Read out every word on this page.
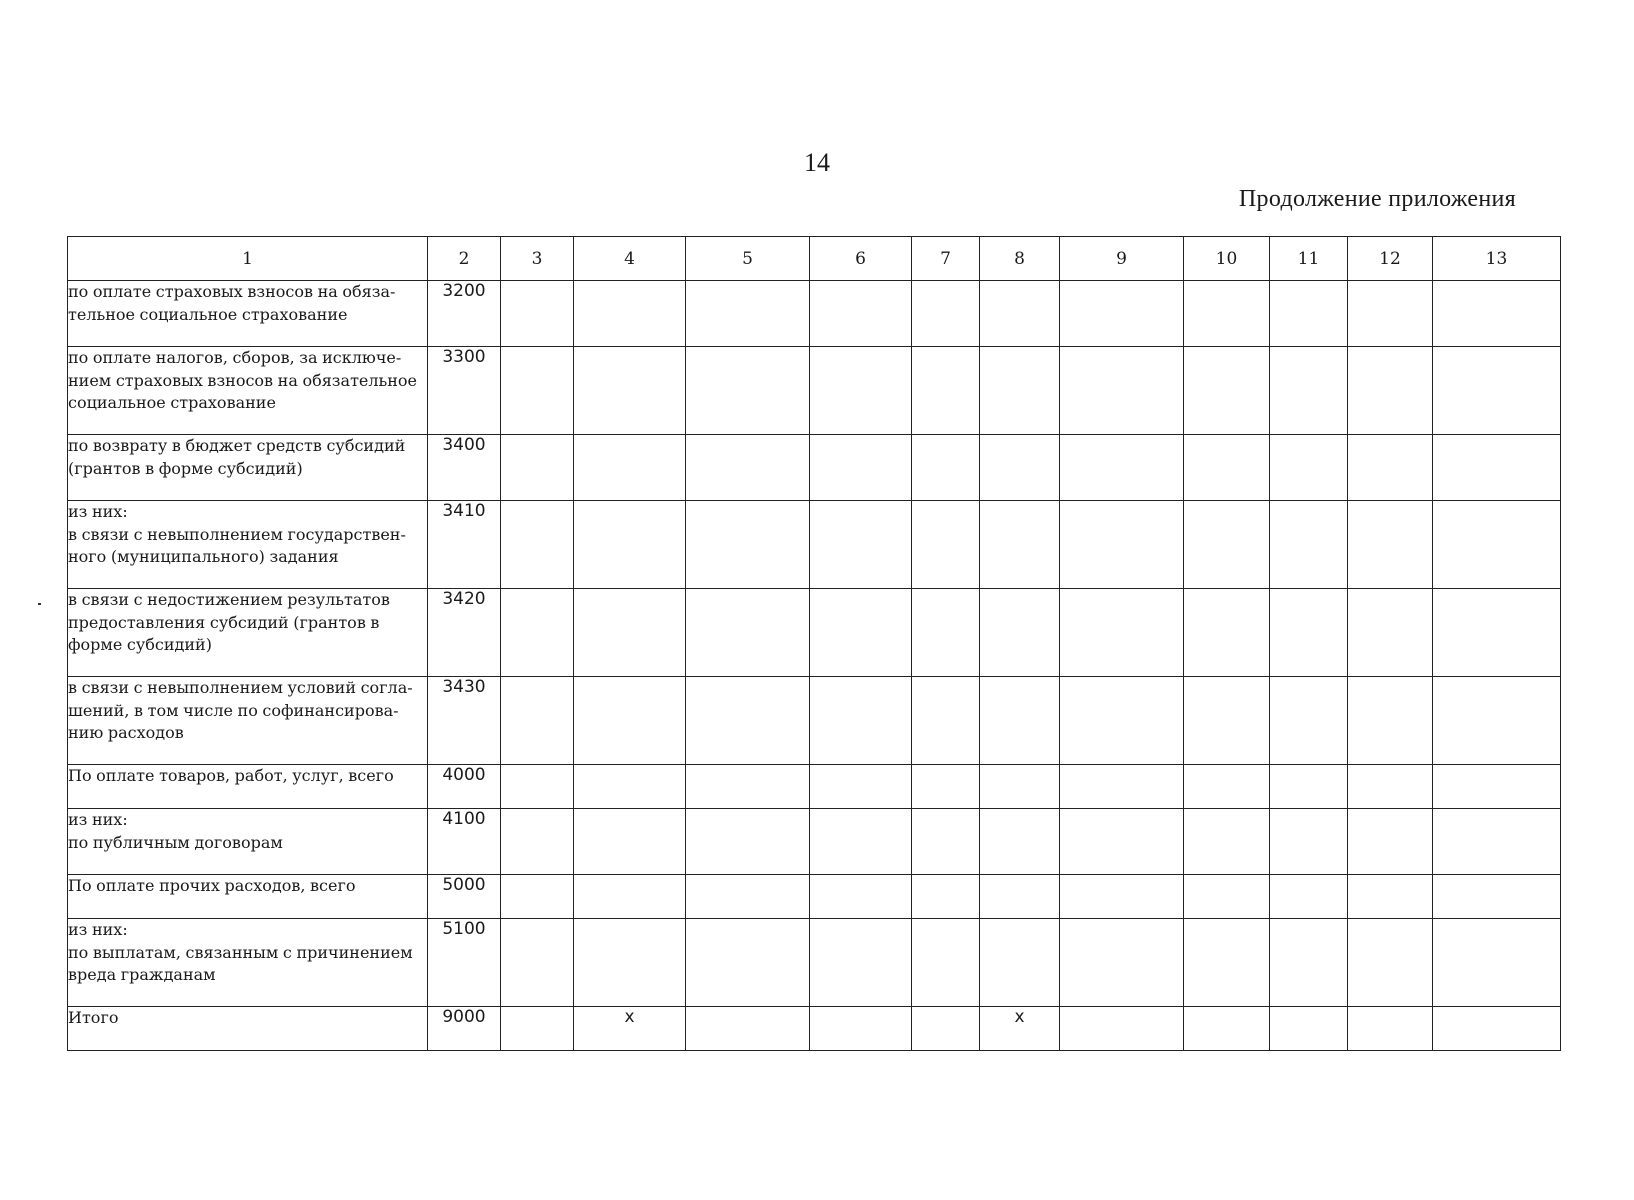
14
Продолжение приложения
1	2	3	4	5	6	7	8	9	10	11	12	13

по оплате страховых взносов на обяза-
тельное социальное страхование	3200											

по оплате налогов, сборов, за исключе-
нием страховых взносов на обязательное
социальное страхование	3300											

по возврату в бюджет средств субсидий
(грантов в форме субсидий)	3400											

из них:
в связи с невыполнением государствен-
ного (муниципального) задания	3410											

в связи с недостижением результатов
предоставления субсидий (грантов в
форме субсидий)	3420											

в связи с невыполнением условий согла-
шений, в том числе по софинансирова-
нию расходов	3430											

По оплате товаров, работ, услуг, всего	4000											

из них:
по публичным договорам	4100											

По оплате прочих расходов, всего	5000											

из них:
по выплатам, связанным с причинением
вреда гражданам	5100											

Итого	9000		х				х					
